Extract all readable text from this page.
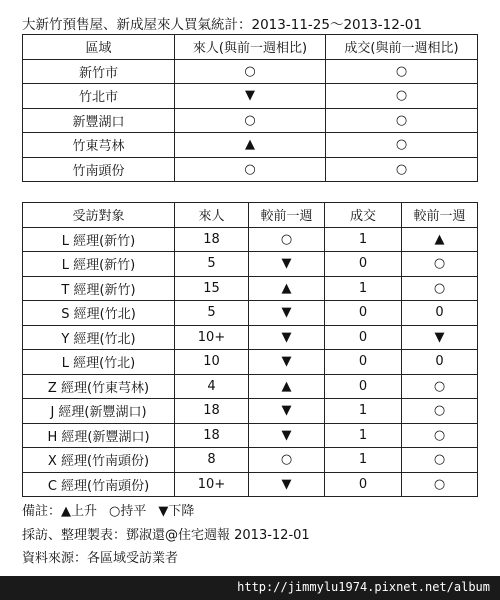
大新竹預售屋、新成屋來人買氣統計：2013-11-25～2013-12-01
區域	來人(與前一週相比)	成交(與前一週相比)
新竹市	○	○
竹北市	▼	○
新豐湖口	○	○
竹東芎林	▲	○
竹南頭份	○	○
受訪對象	來人	較前一週	成交	較前一週
L 經理(新竹)	18	○	1	▲
L 經理(新竹)	5	▼	0	○
T 經理(新竹)	15	▲	1	○
S 經理(竹北)	5	▼	0	0
Y 經理(竹北)	10+	▼	0	▼
L 經理(竹北)	10	▼	0	0
Z 經理(竹東芎林)	4	▲	0	○
J 經理(新豐湖口)	18	▼	1	○
H 經理(新豐湖口)	18	▼	1	○
X 經理(竹南頭份)	8	○	1	○
C 經理(竹南頭份)	10+	▼	0	○
備註：▲上升 ○持平 ▼下降
採訪、整理製表：鄧淑還@住宅週報 2013-12-01
資料來源：各區域受訪業者
http://jimmylu1974.pixnet.net/album
